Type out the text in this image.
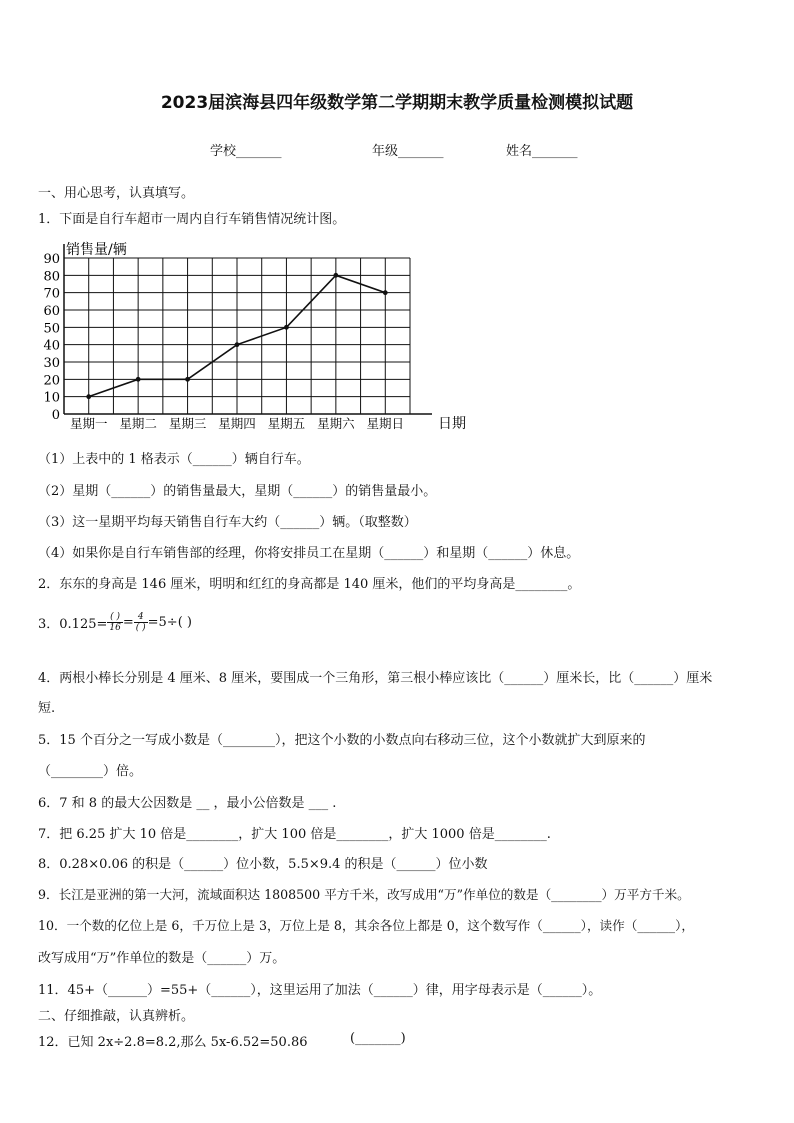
2023届滨海县四年级数学第二学期期末教学质量检测模拟试题
学校_______	年级_______	姓名_______
一、用心思考，认真填写。
1．下面是自行车超市一周内自行车销售情况统计图。
0
10
20
30
40
50
60
70
80
90
星期一 星期二 星期三 星期四 星期五 星期六 星期日
销售量/辆
日期
（1）上表中的 1 格表示（______）辆自行车。
（2）星期（______）的销售量最大，星期（______）的销售量最小。
（3）这一星期平均每天销售自行车大约（______）辆。（取整数）
（4）如果你是自行车销售部的经理，你将安排员工在星期（______）和星期（______）休息。
2．东东的身高是 146 厘米，明明和红红的身高都是 140 厘米，他们的平均身高是________。
3．$0.125= \frac{( )}{16} = \frac{4}{( )} =5\div$( )
4．两根小棒长分别是 4 厘米、8 厘米，要围成一个三角形，第三根小棒应该比（______）厘米长，比（______）厘米
短.
5．15 个百分之一写成小数是（________），把这个小数的小数点向右移动三位，这个小数就扩大到原来的
（________）倍。
6．7 和 8 的最大公因数是 __ ，最小公倍数是 ___ .
7．把 6.25 扩大 10 倍是________，扩大 100 倍是________，扩大 1000 倍是________.
8．0.28×0.06 的积是（______）位小数，5.5×9.4 的积是（______）位小数
9．长江是亚洲的第一大河，流域面积达 1808500 平方千米，改写成用“万”作单位的数是（________）万平方千米。
10．一个数的亿位上是 6，千万位上是 3，万位上是 8，其余各位上都是 0，这个数写作（______），读作（______），
改写成用“万”作单位的数是（______）万。
11．45+（______）=55+（______），这里运用了加法（______）律，用字母表示是（______）。
二、仔细推敲，认真辨析。
12．已知 2x÷2.8=8.2,那么 5x-6.52=50.86	(_______)
